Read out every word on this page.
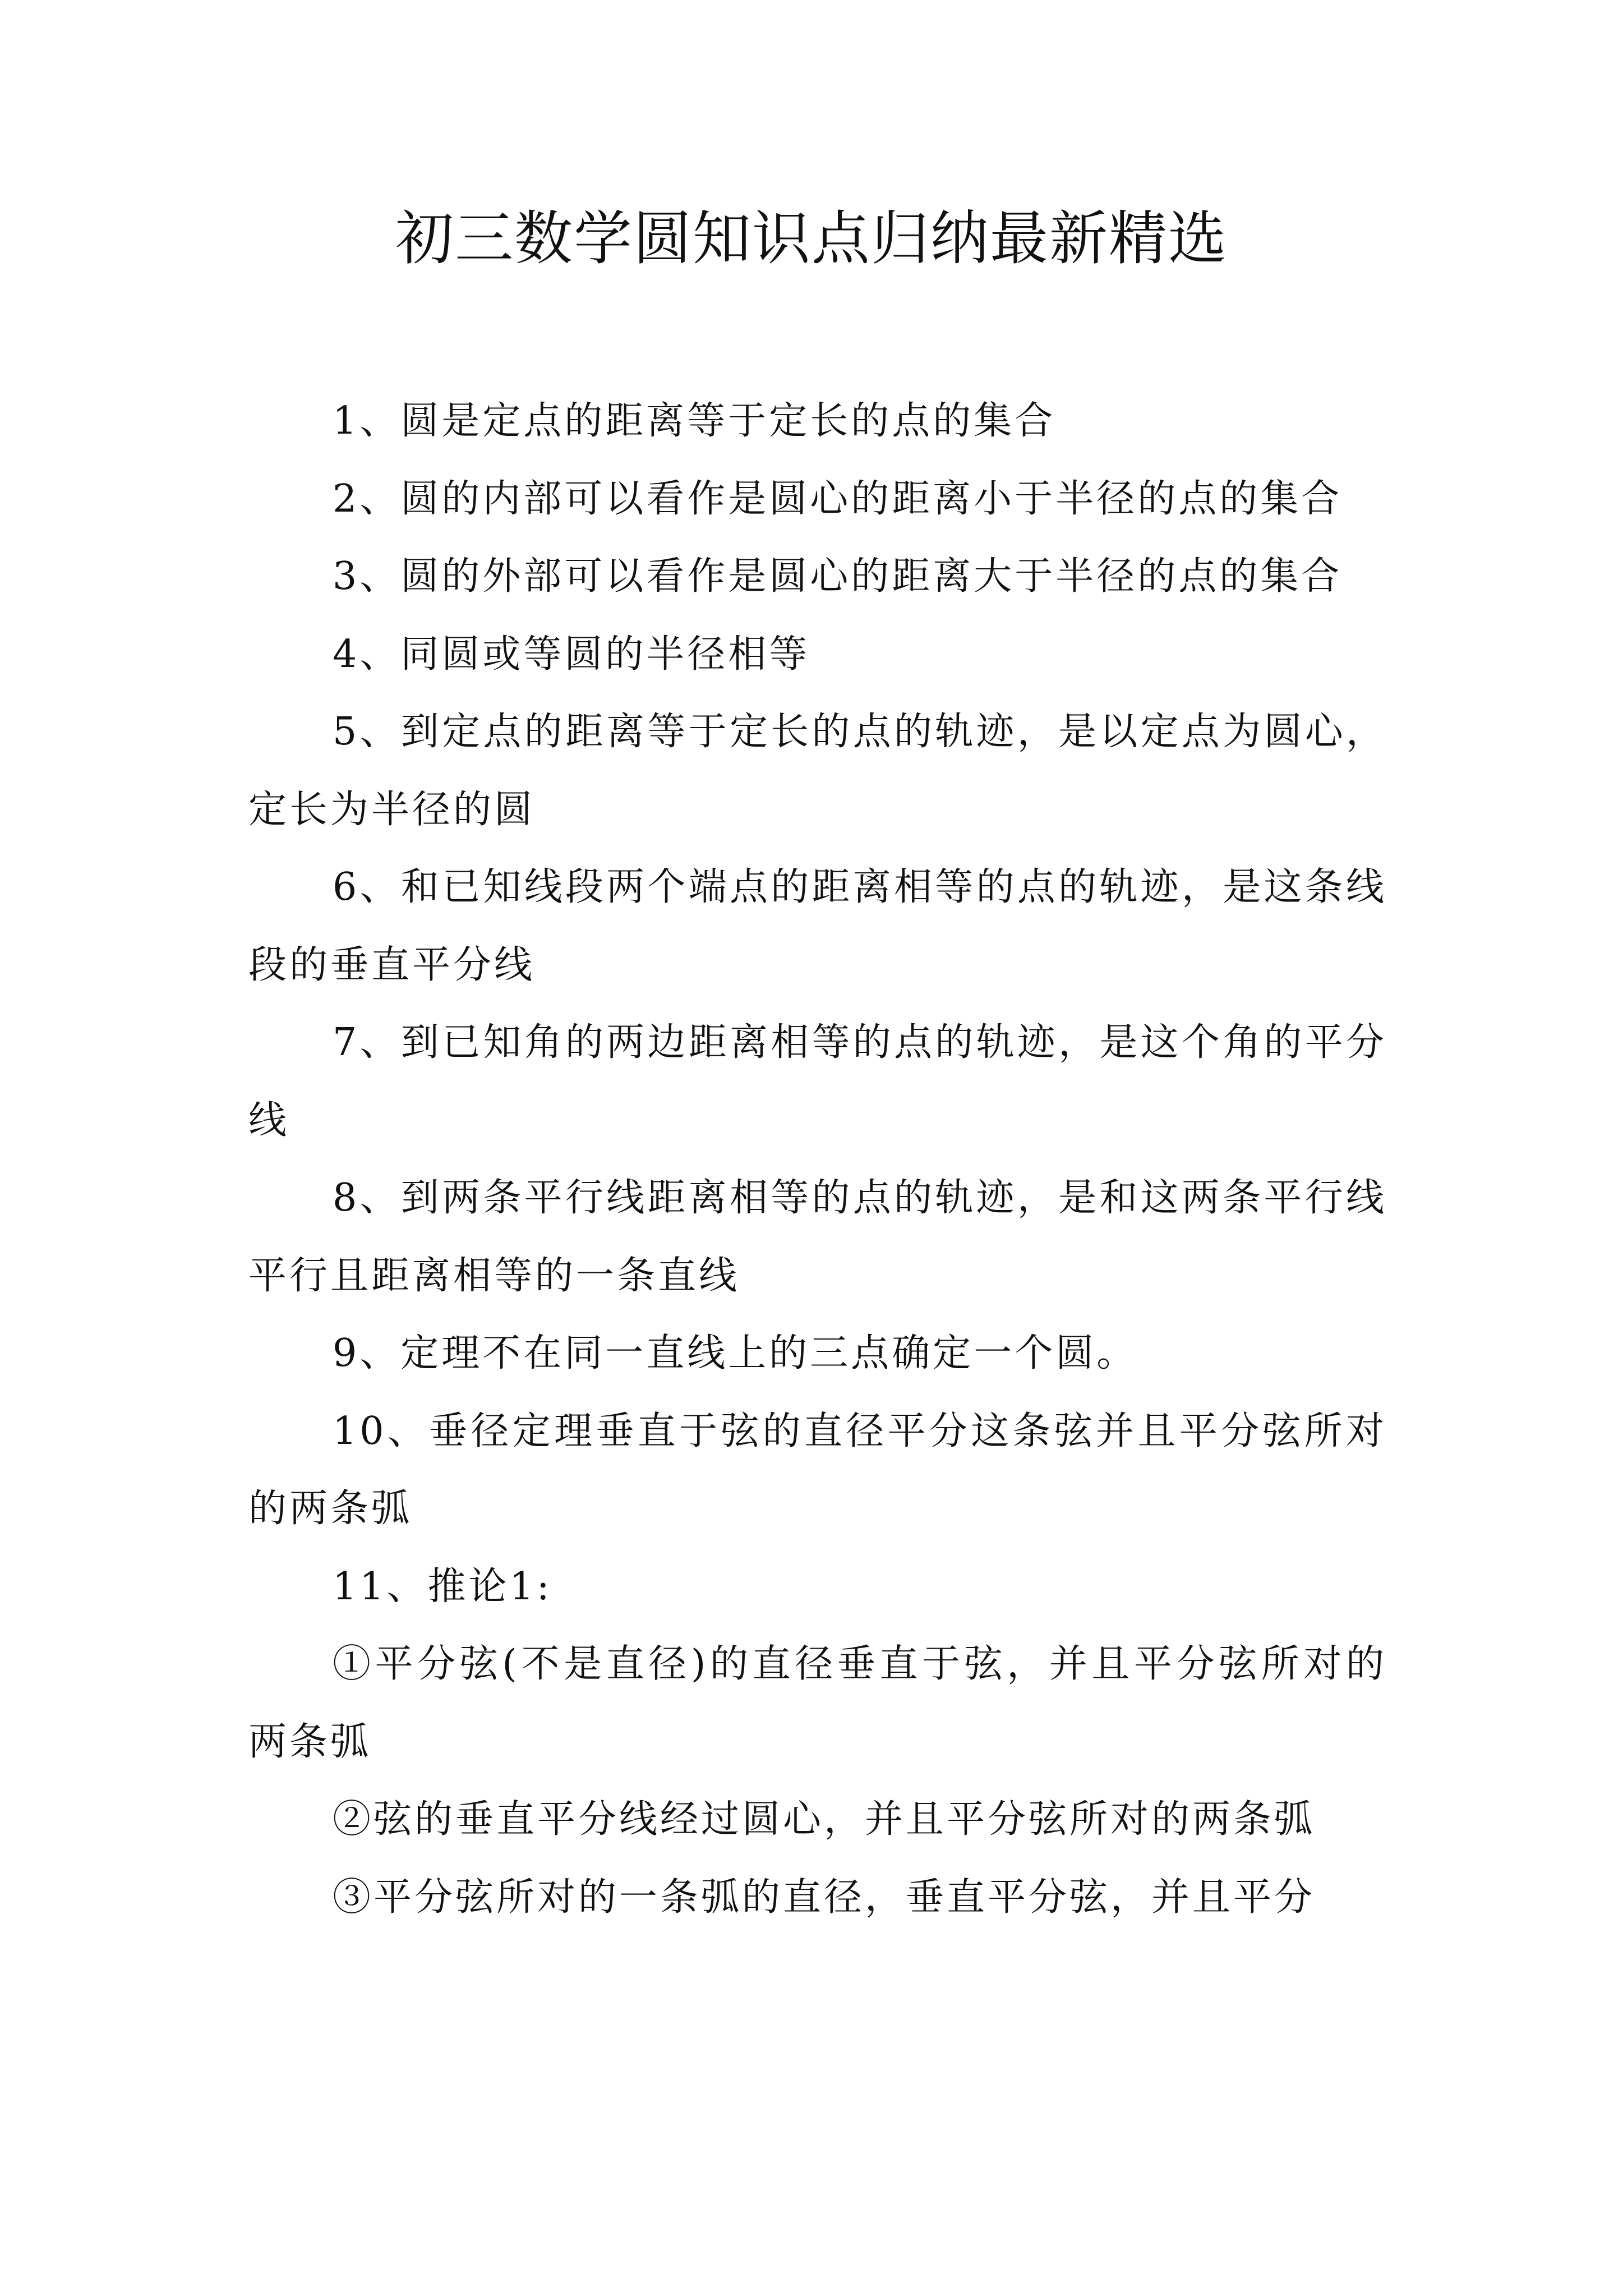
初三数学圆知识点归纳最新精选

1、圆是定点的距离等于定长的点的集合

2、圆的内部可以看作是圆心的距离小于半径的点的集合

3、圆的外部可以看作是圆心的距离大于半径的点的集合

4、同圆或等圆的半径相等

5、到定点的距离等于定长的点的轨迹，是以定点为圆心，定长为半径的圆

6、和已知线段两个端点的距离相等的点的轨迹，是这条线段的垂直平分线

7、到已知角的两边距离相等的点的轨迹，是这个角的平分线

8、到两条平行线距离相等的点的轨迹，是和这两条平行线平行且距离相等的一条直线

9、定理不在同一直线上的三点确定一个圆。

10、垂径定理垂直于弦的直径平分这条弦并且平分弦所对的两条弧

11、推论1:

①平分弦(不是直径)的直径垂直于弦，并且平分弦所对的两条弧

②弦的垂直平分线经过圆心，并且平分弦所对的两条弧

③平分弦所对的一条弧的直径，垂直平分弦，并且平分
